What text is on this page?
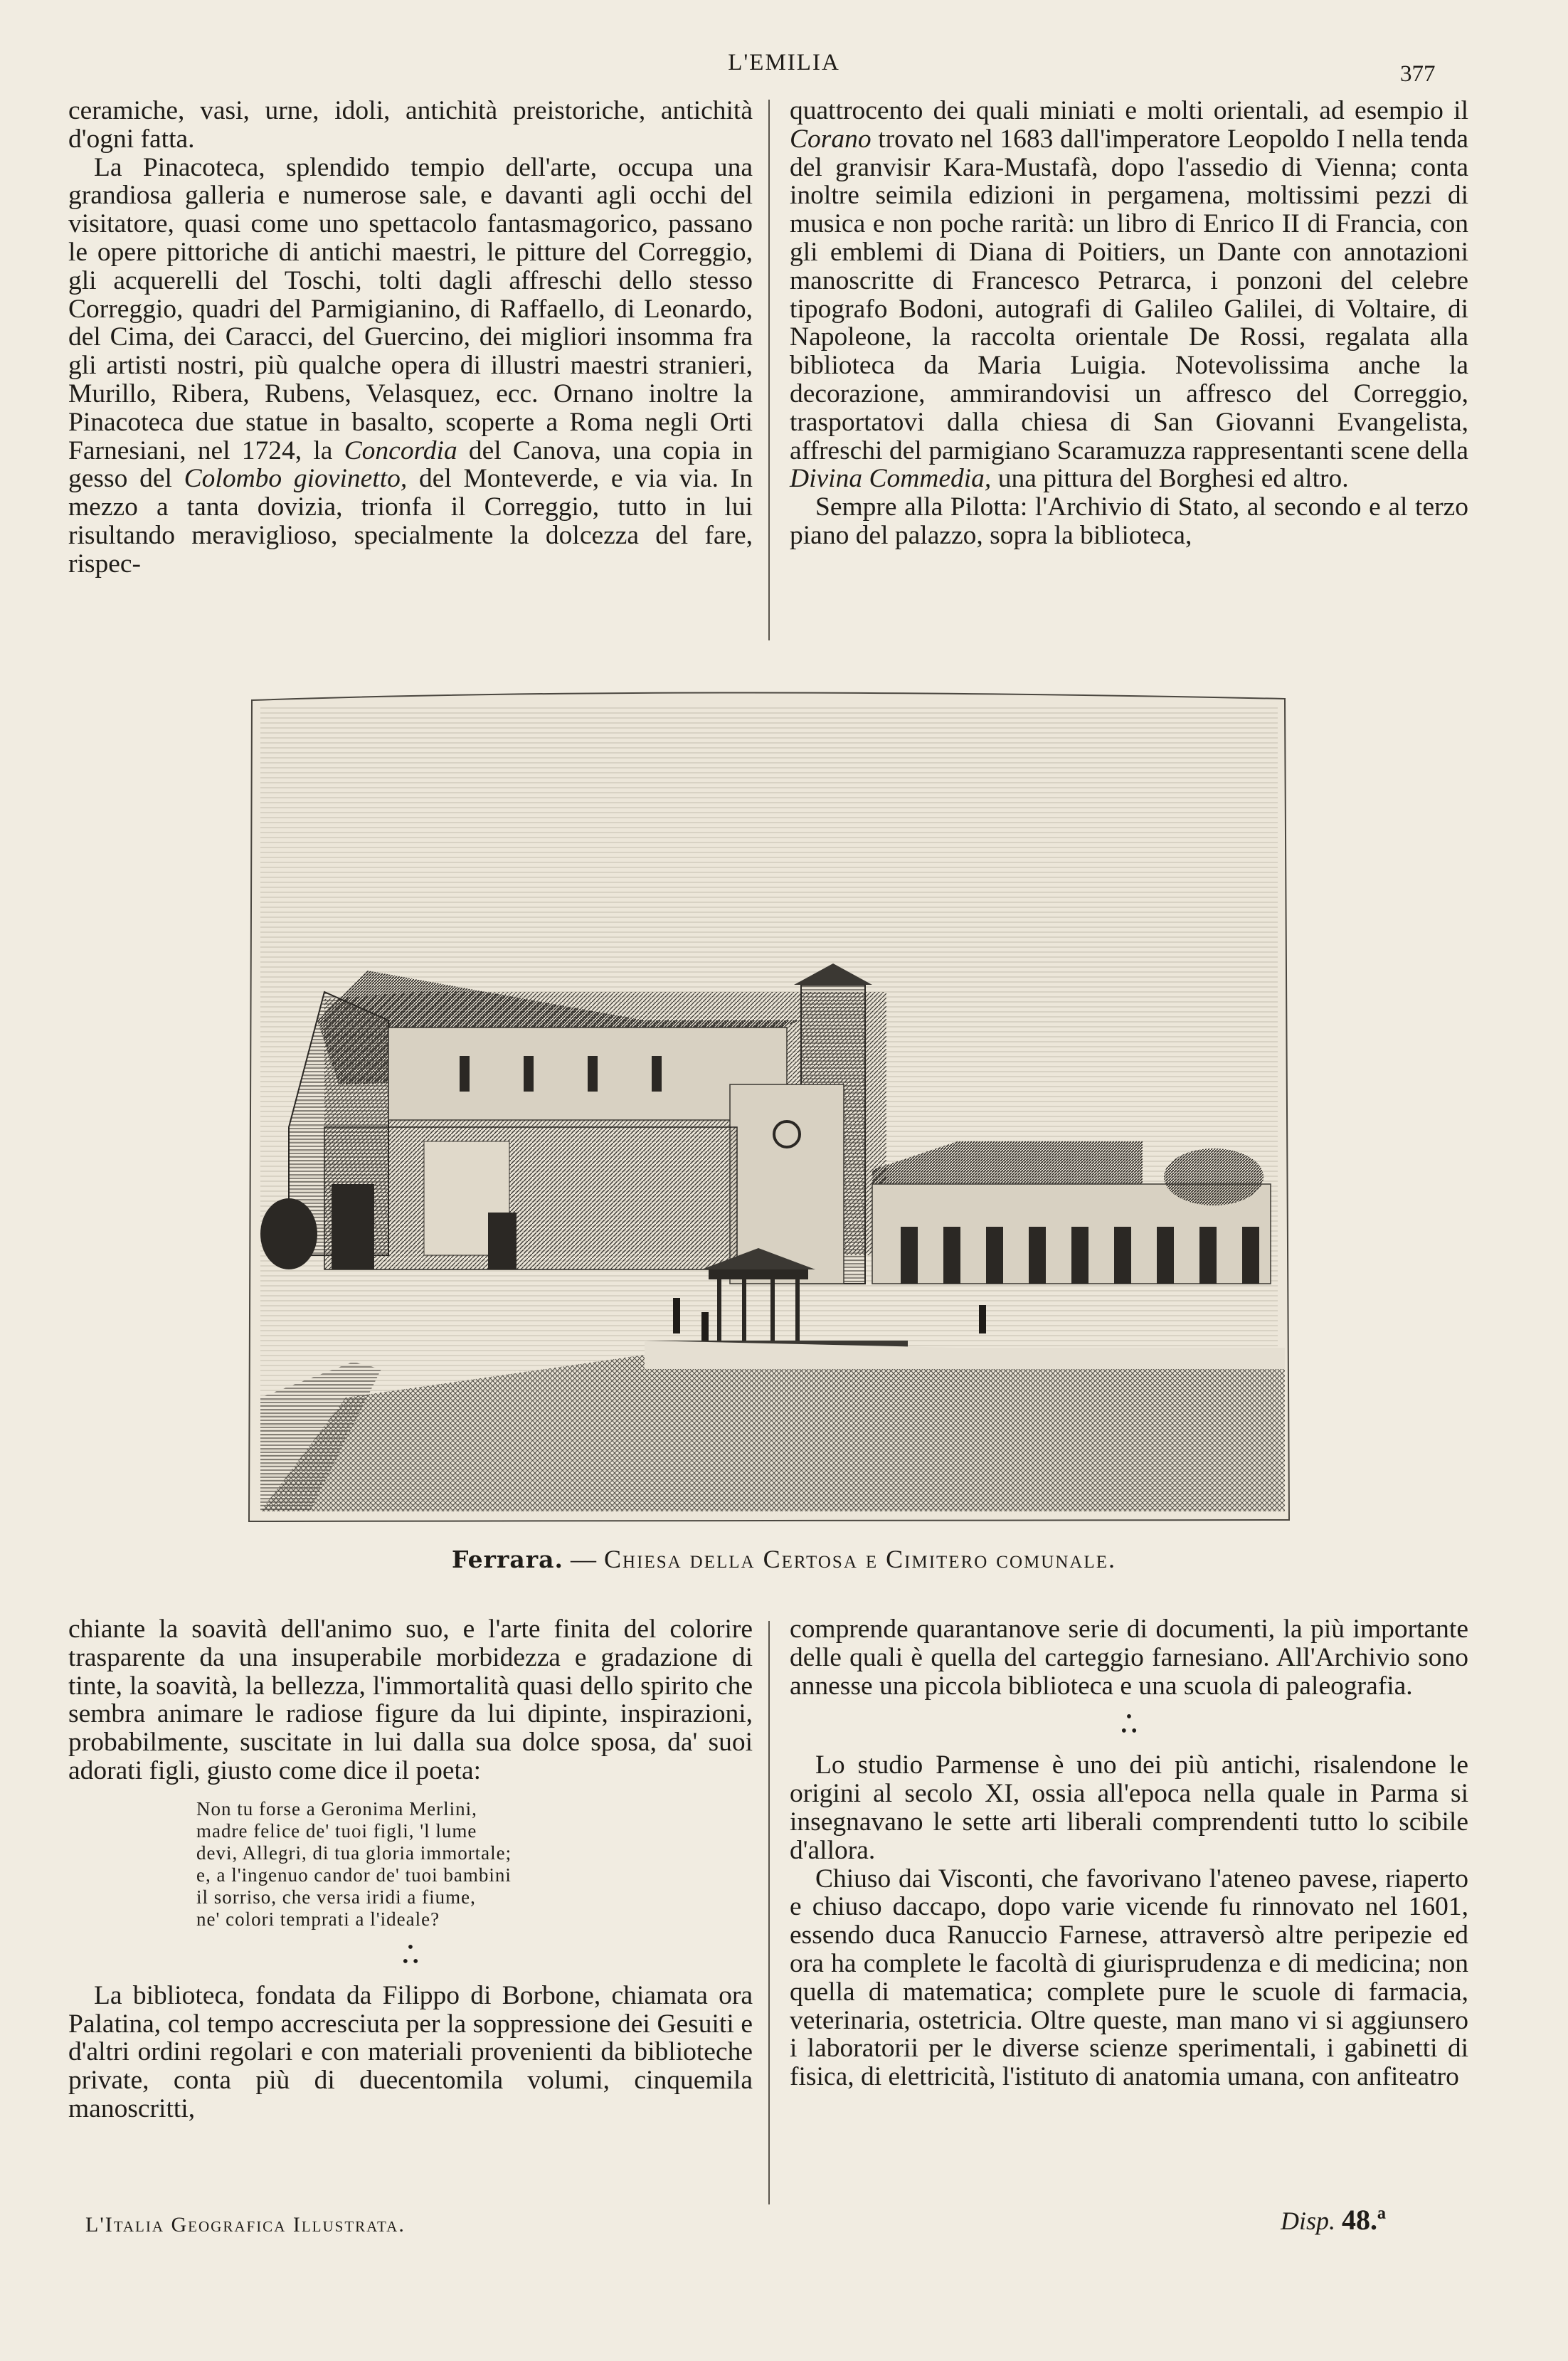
L'EMILIA	377

ceramiche, vasi, urne, idoli, antichità preistoriche, antichità d'ogni fatta.

La Pinacoteca, splendido tempio dell'arte, occupa una grandiosa galleria e numerose sale, e davanti agli occhi del visitatore, quasi come uno spettacolo fantasmagorico, passano le opere pittoriche di antichi maestri, le pitture del Correggio, gli acquerelli del Toschi, tolti dagli affreschi dello stesso Correggio, quadri del Parmigianino, di Raffaello, di Leonardo, del Cima, dei Caracci, del Guercino, dei migliori insomma fra gli artisti nostri, più qualche opera di illustri maestri stranieri, Murillo, Ribera, Rubens, Velasquez, ecc. Ornano inoltre la Pinacoteca due statue in basalto, scoperte a Roma negli Orti Farnesiani, nel 1724, la Concordia del Canova, una copia in gesso del Colombo giovinetto, del Monteverde, e via via. In mezzo a tanta dovizia, trionfa il Correggio, tutto in lui risultando meraviglioso, specialmente la dolcezza del fare, rispec-

quattrocento dei quali miniati e molti orientali, ad esempio il Corano trovato nel 1683 dall'imperatore Leopoldo I nella tenda del granvisir Kara-Mustafà, dopo l'assedio di Vienna; conta inoltre seimila edizioni in pergamena, moltissimi pezzi di musica e non poche rarità: un libro di Enrico II di Francia, con gli emblemi di Diana di Poitiers, un Dante con annotazioni manoscritte di Francesco Petrarca, i ponzoni del celebre tipografo Bodoni, autografi di Galileo Galilei, di Voltaire, di Napoleone, la raccolta orientale De Rossi, regalata alla biblioteca da Maria Luigia. Notevolissima anche la decorazione, ammirandovisi un affresco del Correggio, trasportatovi dalla chiesa di San Giovanni Evangelista, affreschi del parmigiano Scaramuzza rappresentanti scene della Divina Commedia, una pittura del Borghesi ed altro.

Sempre alla Pilotta: l'Archivio di Stato, al secondo e al terzo piano del palazzo, sopra la biblioteca,

Ferrara. — Chiesa della Certosa e Cimitero comunale.

chiante la soavità dell'animo suo, e l'arte finita del colorire trasparente da una insuperabile morbidezza e gradazione di tinte, la soavità, la bellezza, l'immortalità quasi dello spirito che sembra animare le radiose figure da lui dipinte, inspirazioni, probabilmente, suscitate in lui dalla sua dolce sposa, da' suoi adorati figli, giusto come dice il poeta:

Non tu forse a Geronima Merlini,
madre felice de' tuoi figli, 'l lume
devi, Allegri, di tua gloria immortale;
e, a l'ingenuo candor de' tuoi bambini
il sorriso, che versa iridi a fiume,
ne' colori temprati a l'ideale?
•
• •

La biblioteca, fondata da Filippo di Borbone, chiamata ora Palatina, col tempo accresciuta per la soppressione dei Gesuiti e d'altri ordini regolari e con materiali provenienti da biblioteche private, conta più di duecentomila volumi, cinquemila manoscritti,

comprende quarantanove serie di documenti, la più importante delle quali è quella del carteggio farnesiano. All'Archivio sono annesse una piccola biblioteca e una scuola di paleografia.

•
• •

Lo studio Parmense è uno dei più antichi, risalendone le origini al secolo XI, ossia all'epoca nella quale in Parma si insegnavano le sette arti liberali comprendenti tutto lo scibile d'allora.

Chiuso dai Visconti, che favorivano l'ateneo pavese, riaperto e chiuso daccapo, dopo varie vicende fu rinnovato nel 1601, essendo duca Ranuccio Farnese, attraversò altre peripezie ed ora ha complete le facoltà di giurisprudenza e di medicina; non quella di matematica; complete pure le scuole di farmacia, veterinaria, ostetricia. Oltre queste, man mano vi si aggiunsero i laboratorii per le diverse scienze sperimentali, i gabinetti di fisica, di elettricità, l'istituto di anatomia umana, con anfiteatro

L'Italia Geografica Illustrata.	Disp. 48.ª
